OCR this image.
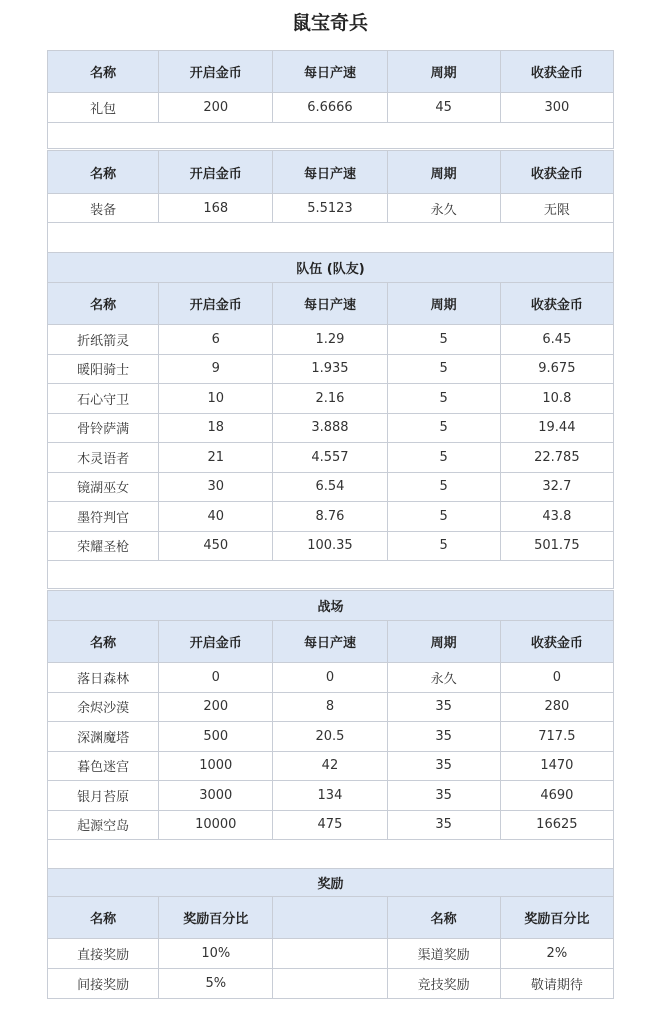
鼠宝奇兵
名称	开启金币	每日产速	周期	收获金币
礼包	200	6.6666	45	300

名称	开启金币	每日产速	周期	收获金币
装备	168	5.5123	永久	无限

队伍 (队友)				
名称	开启金币	每日产速	周期	收获金币
折纸箭灵	6	1.29	5	6.45
暖阳骑士	9	1.935	5	9.675
石心守卫	10	2.16	5	10.8
骨铃萨满	18	3.888	5	19.44
木灵语者	21	4.557	5	22.785
镜湖巫女	30	6.54	5	32.7
墨符判官	40	8.76	5	43.8
荣耀圣枪	450	100.35	5	501.75

战场				
名称	开启金币	每日产速	周期	收获金币
落日森林	0	0	永久	0
余烬沙漠	200	8	35	280
深渊魔塔	500	20.5	35	717.5
暮色迷宫	1000	42	35	1470
银月苔原	3000	134	35	4690
起源空岛	10000	475	35	16625

奖励				
名称	奖励百分比		名称	奖励百分比
直接奖励	10%		渠道奖励	2%
间接奖励	5%		竞技奖励	敬请期待
